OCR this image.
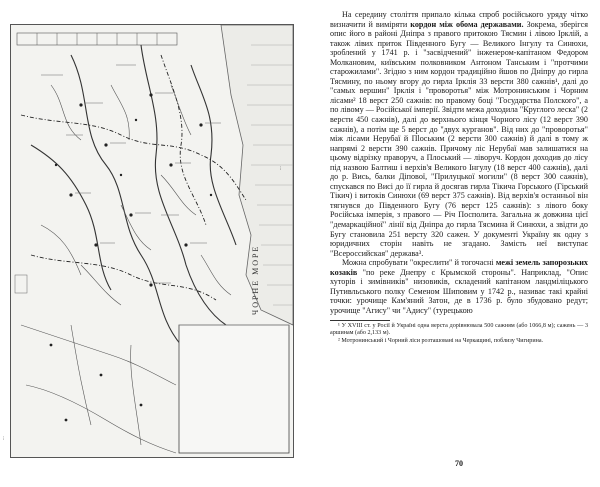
...
ЧОРНЕ МОРЕ
...

На середину століття припало кілька спроб російського уряду чітко визначити й виміряти кордон між обома державами. Зокрема, зберігся опис його в районі Дніпра з правого притокою Тясмин і лівою Ірклій, а також лівих приток Південного Бугу — Великого Інгулу та Синюхи, зроблений у 1741 р. і "засвідчений" інженером-капітаном Федором Молкановим, київським полковником Антоном Танським і "протчими старожилами". Згідно з ним кордон традиційно йшов по Дніпру до гирла Тясмину, по ньому вгору до гирла Ірклія 33 версти 380 сажнів¹, далі до "самых вершин" Ірклія і "проворотья" між Мотронинським і Чорним лісами² 18 верст 250 сажнів: по правому боці "Государства Полского", а по лівому — Російської імперії. Звідти межа доходила "Круглого леска" (2 версти 450 сажнів), далі до верхнього кінця Чорного лісу (12 верст 390 сажнів), а потім ще 5 верст до "двух курганов". Від них до "проворотья" між лісами Нерубаї й Пloським (2 версти 300 сажнів) й далі в тому ж напрямі 2 версти 390 сажнів. Причому ліс Нерубаї мав залишатися на цьому відрізку праворуч, а Плоський — ліворуч. Кордон доходив до лісу під назвою Балтиш і верхів'я Великого Інгулу (18 верст 400 сажнів), далі до р. Вись, балки Діпової, "Прилуцької могили" (8 верст 300 сажнів), спускався по Висі до її гирла й досягав гирла Тікича Горського (Гірський Тікич) і витоків Синюхи (69 верст 375 сажнів). Від верхів'я останньої він тягнувся до Південного Бугу (76 верст 125 сажнів): з лівого боку Російська імперія, з правого — Річ Посполита. Загальна ж довжина цієї "демаркаційної" лінії від Дніпра до гирла Тясмина й Синюхи, а звідти до Бугу становила 251 версту 320 сажен. У документі Україну як одну з юридичних сторін навіть не згадано. Замість неї виступає "Всероссийская" держава³.

Можна спробувати "окреслити" й тогочасні межі земель запорозьких козаків "по реке Днепру с Крымской стороны". Наприклад, "Опис хуторів і зимівників" низовиків, складений капітаном ландміліцького Путивльського полку Семеном Шиповим у 1742 р., називає такі крайні точки: урочище Кам'яний Затон, де в 1736 р. було збудовано редут; урочище "Агису" чи "Адису" (турецькою

¹ У XVIII ст. у Росії й Україні одна верста дорівнювала 500 сажням (або 1066,8 м); сажень — 3 аршинам (або 2,133 м).

² Мотронинський і Чорний ліси розташовані на Черкащині, поблизу Чигирина.

70
